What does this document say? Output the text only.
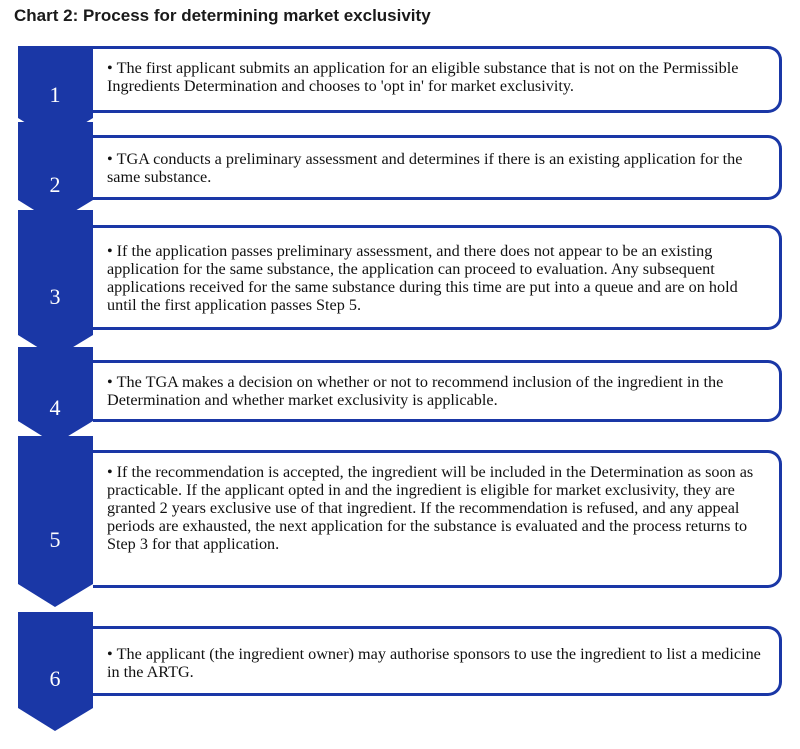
Chart 2: Process for determining market exclusivity
1
2
3
4
5
6
• The first applicant submits an application for an eligible substance that is not on the Permissible Ingredients Determination and chooses to 'opt in' for market exclusivity.
• TGA conducts a preliminary assessment and determines if there is an existing application for the same substance.
• If the application passes preliminary assessment, and there does not appear to be an existing application for the same substance, the application can proceed to evaluation. Any subsequent applications received for the same substance during this time are put into a queue and are on hold until the first application passes Step 5.
• The TGA makes a decision on whether or not to recommend inclusion of the ingredient in the Determination and whether market exclusivity is applicable.
• If the recommendation is accepted, the ingredient will be included in the Determination as soon as practicable. If the applicant opted in and the ingredient is eligible for market exclusivity, they are granted 2 years exclusive use of that ingredient. If the recommendation is refused, and any appeal periods are exhausted, the next application for the substance is evaluated and the process returns to Step 3 for that application.
• The applicant (the ingredient owner) may authorise sponsors to use the ingredient to list a medicine in the ARTG.
